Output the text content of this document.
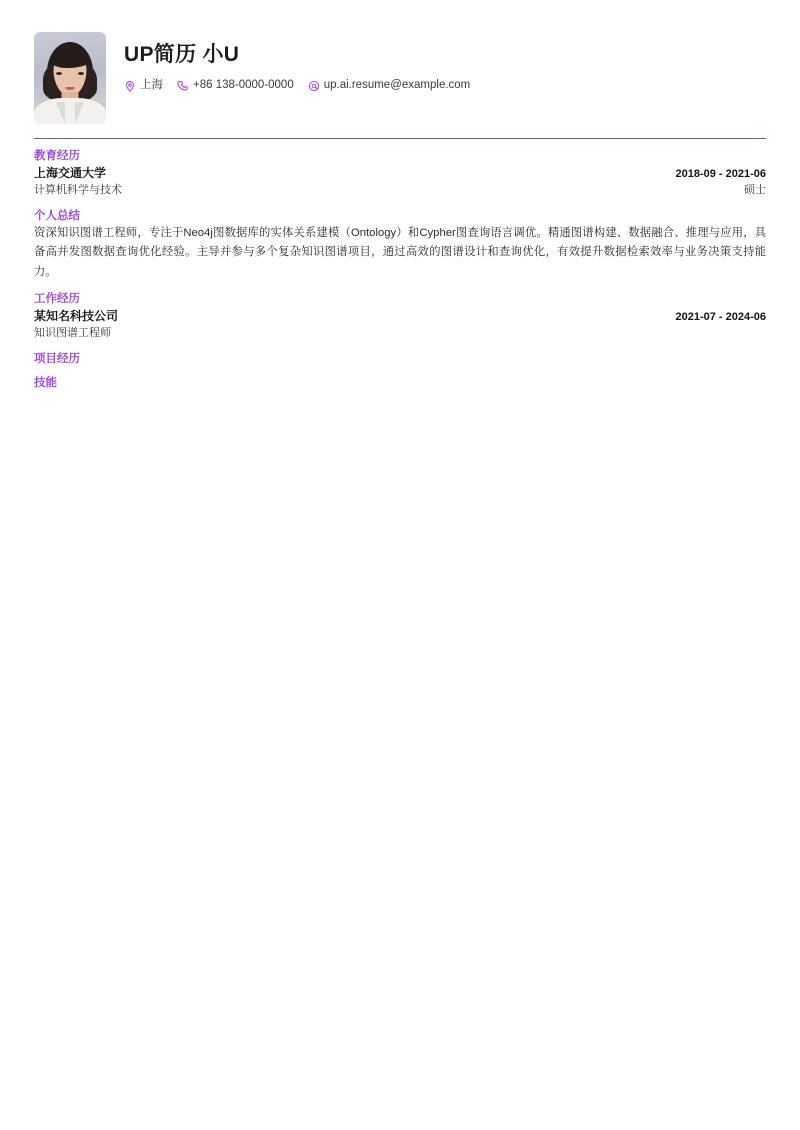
UP简历 小U
上海	+86 138-0000-0000	up.ai.resume@example.com
教育经历
上海交通大学	2018-09 - 2021-06
计算机科学与技术	硕士
个人总结
资深知识图谱工程师，专注于Neo4j图数据库的实体关系建模（Ontology）和Cypher图查询语言调优。精通图谱构建、数据融合、推理与应用，具备高并发图数据查询优化经验。主导并参与多个复杂知识图谱项目，通过高效的图谱设计和查询优化，有效提升数据检索效率与业务决策支持能力。
工作经历
某知名科技公司	2021-07 - 2024-06
知识图谱工程师
项目经历
技能
